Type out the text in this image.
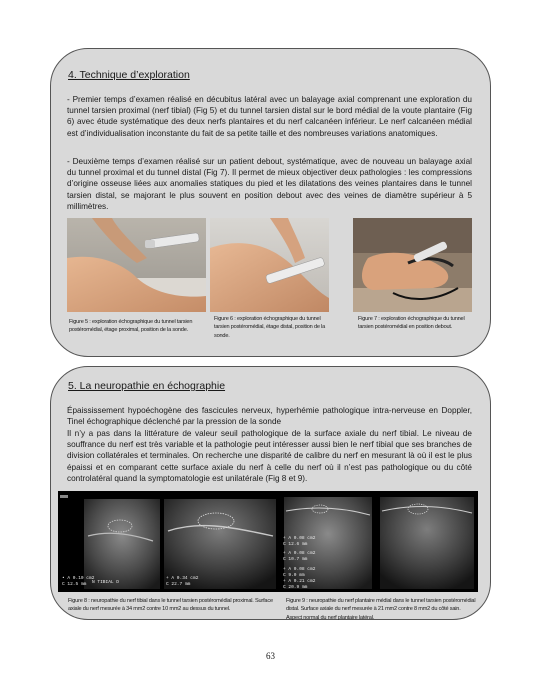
4. Technique d’exploration
- Premier temps d’examen réalisé en décubitus latéral avec un balayage axial comprenant une exploration du tunnel tarsien proximal (nerf tibial) (Fig 5) et du tunnel tarsien distal sur le bord médial de la voute plantaire (Fig 6) avec étude systématique des deux nerfs plantaires et du nerf calcanéen inférieur. Le nerf calcanéen médial est d’individualisation inconstante du fait de sa petite taille et des nombreuses variations anatomiques.
- Deuxième temps d’examen réalisé sur un patient debout, systématique, avec de nouveau un balayage axial du tunnel proximal et du tunnel distal (Fig 7). Il permet de mieux objectiver deux pathologies : les compressions d’origine osseuse liées aux anomalies statiques du pied et les dilatations des veines plantaires dans le tunnel tarsien distal, se majorant le plus souvent en position debout avec des veines de diamètre supérieur à 5 millimètres.
Figure 5 : exploration échographique du tunnel tarsien postéromédial, étage proximal, position de la sonde.
Figure 6 : exploration échographique du tunnel tarsien postéromédial, étage distal, position de la sonde.
Figure 7 : exploration échographique du tunnel tarsien postéromédial en position debout.
5. La neuropathie en échographie
Épaississement hypoéchogène des fascicules nerveux, hyperhémie pathologique intra-nerveuse en Doppler, Tinel échographique déclenché par la pression de la sonde
Il n’y a pas dans la littérature de valeur seuil pathologique de la surface axiale du nerf tibial. Le niveau de souffrance du nerf est très variable et la pathologie peut intéresser aussi bien le nerf tibial que ses branches de division collatérales et terminales. On recherche une disparité de calibre du nerf en mesurant là où il est le plus épaissi et en comparant cette surface axiale du nerf à celle du nerf où il n’est pas pathologique ou du côté controlatéral quand la symptomatologie est unilatérale (Fig 8 et 9).
• A 0.10 cm2
C 12.5 mm N TIBIAL D
+ A 0.34 cm2
C 22.7 mm
+ A 0.08 cm2
C 12.6 mm
+ A 0.08 cm2
C 10.7 mm
+ A 0.08 cm2
C 9.0 mm
+ A 0.21 cm2
C 20.9 mm
Figure 8 : neuropathie du nerf tibial dans le tunnel tarsien postéromédial proximal. Surface axiale du nerf mesurée à 34 mm2 contre 10 mm2 au dessus du tunnel.
Figure 9 : neuropathie du nerf plantaire médial dans le tunnel tarsien postéromédial distal. Surface axiale du nerf mesurée à 21 mm2 contre 8 mm2 du côté sain. Aspect normal du nerf plantaire latéral.
63
